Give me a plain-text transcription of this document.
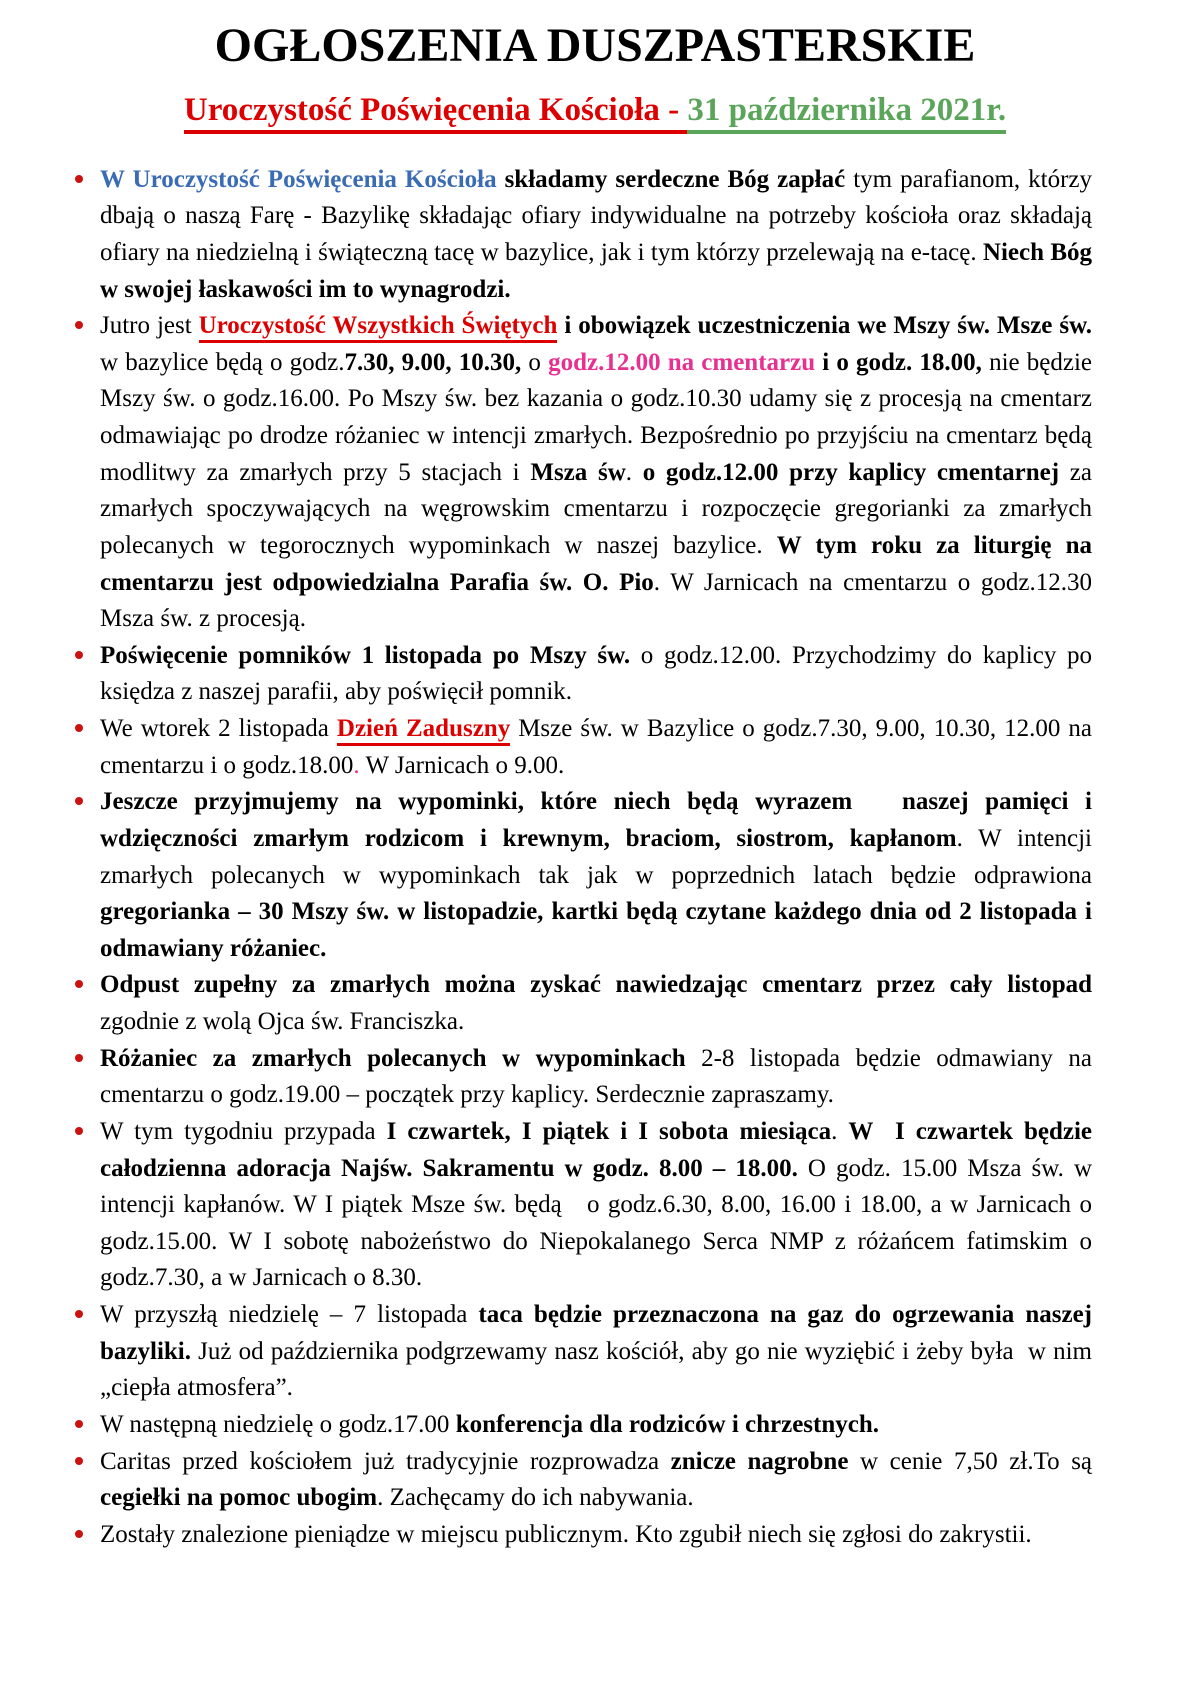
OGŁOSZENIA DUSZPASTERSKIE
Uroczystość Poświęcenia Kościoła - 31 października 2021r.
W Uroczystość Poświęcenia Kościoła składamy serdeczne Bóg zapłać tym parafianom, którzy dbają o naszą Farę - Bazylikę składając ofiary indywidualne na potrzeby kościoła oraz składają ofiary na niedzielną i świąteczną tacę w bazylice, jak i tym którzy przelewają na e-tacę. Niech Bóg w swojej łaskawości im to wynagrodzi.
Jutro jest Uroczystość Wszystkich Świętych i obowiązek uczestniczenia we Mszy św. Msze św. w bazylice będą o godz.7.30, 9.00, 10.30, o godz.12.00 na cmentarzu i o godz. 18.00, nie będzie Mszy św. o godz.16.00. Po Mszy św. bez kazania o godz.10.30 udamy się z procesją na cmentarz odmawiając po drodze różaniec w intencji zmarłych. Bezpośrednio po przyjściu na cmentarz będą modlitwy za zmarłych przy 5 stacjach i Msza św. o godz.12.00 przy kaplicy cmentarnej za zmarłych spoczywających na węgrowskim cmentarzu i rozpoczęcie gregorianki za zmarłych polecanych w tegorocznych wypominkach w naszej bazylice. W tym roku za liturgię na cmentarzu jest odpowiedzialna Parafia św. O. Pio. W Jarnicach na cmentarzu o godz.12.30 Msza św. z procesją.
Poświęcenie pomników 1 listopada po Mszy św. o godz.12.00. Przychodzimy do kaplicy po księdza z naszej parafii, aby poświęcił pomnik.
We wtorek 2 listopada Dzień Zaduszny Msze św. w Bazylice o godz.7.30, 9.00, 10.30, 12.00 na cmentarzu i o godz.18.00. W Jarnicach o 9.00.
Jeszcze przyjmujemy na wypominki, które niech będą wyrazem   naszej pamięci i wdzięczności zmarłym rodzicom i krewnym, braciom, siostrom, kapłanom. W intencji zmarłych polecanych w wypominkach tak jak w poprzednich latach będzie odprawiona gregorianka – 30 Mszy św. w listopadzie, kartki będą czytane każdego dnia od 2 listopada i odmawiany różaniec.
Odpust zupełny za zmarłych można zyskać nawiedzając cmentarz przez cały listopad zgodnie z wolą Ojca św. Franciszka.
Różaniec za zmarłych polecanych w wypominkach 2-8 listopada będzie odmawiany na cmentarzu o godz.19.00 – początek przy kaplicy. Serdecznie zapraszamy.
W tym tygodniu przypada I czwartek, I piątek i I sobota miesiąca. W  I czwartek będzie całodzienna adoracja Najśw. Sakramentu w godz. 8.00 – 18.00. O godz. 15.00 Msza św. w intencji kapłanów. W I piątek Msze św. będą   o godz.6.30, 8.00, 16.00 i 18.00, a w Jarnicach o godz.15.00. W I sobotę nabożeństwo do Niepokalanego Serca NMP z różańcem fatimskim o godz.7.30, a w Jarnicach o 8.30.
W przyszłą niedzielę – 7 listopada taca będzie przeznaczona na gaz do ogrzewania naszej bazyliki. Już od października podgrzewamy nasz kościół, aby go nie wyziębić i żeby była  w nim „ciepła atmosfera”.
W następną niedzielę o godz.17.00 konferencja dla rodziców i chrzestnych.
Caritas przed kościołem już tradycyjnie rozprowadza znicze nagrobne w cenie 7,50 zł.To są cegiełki na pomoc ubogim. Zachęcamy do ich nabywania.
Zostały znalezione pieniądze w miejscu publicznym. Kto zgubił niech się zgłosi do zakrystii.
